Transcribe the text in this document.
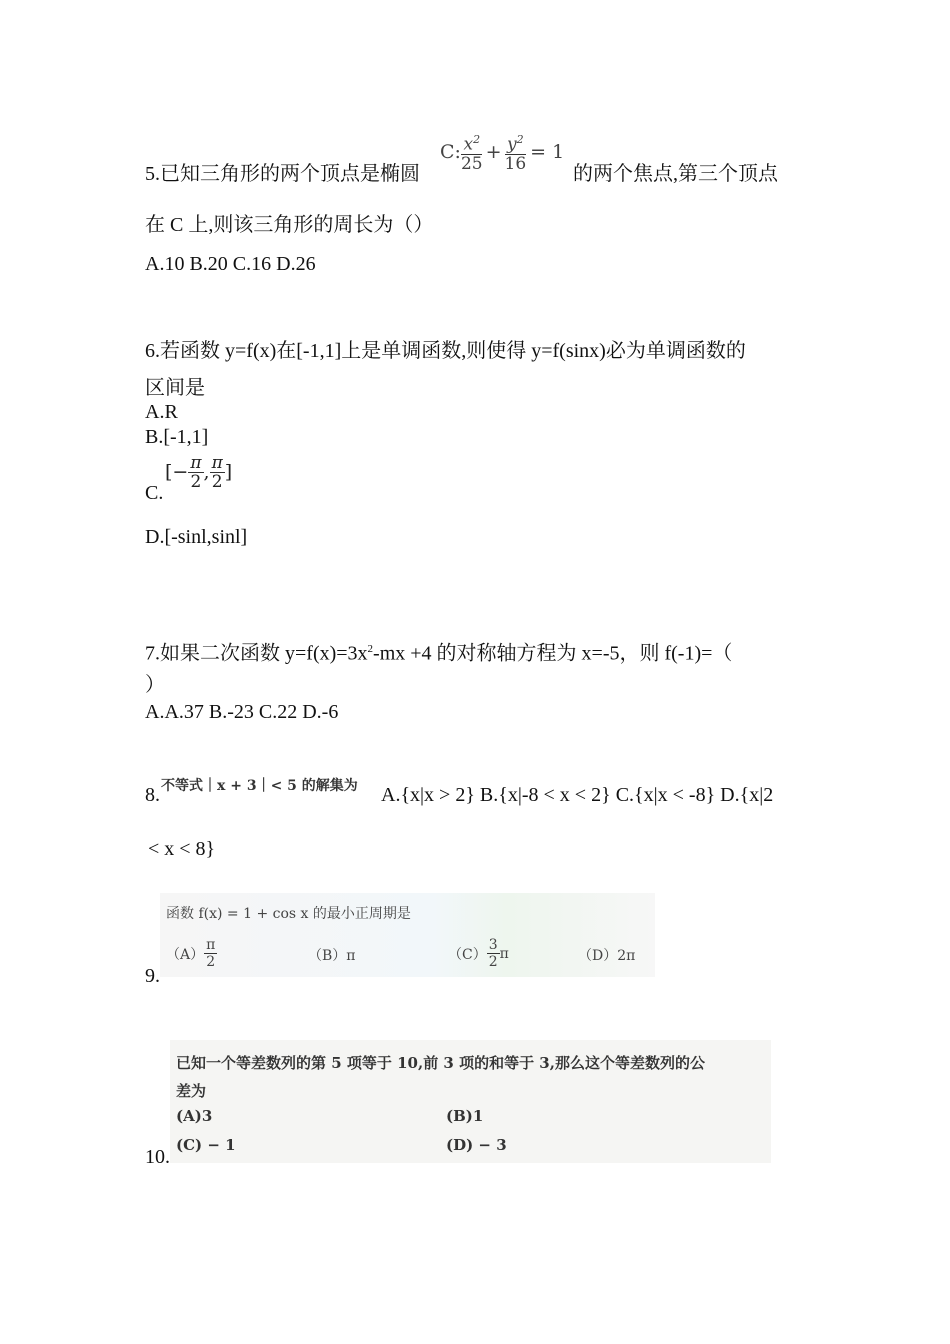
5.已知三角形的两个顶点是椭圆
C: $\frac{x^2}{25} + \frac{y^2}{16} = 1$
的两个焦点,第三个顶点
在 C 上,则该三角形的周长为（）
A.10 B.20 C.16 D.26
6.若函数 y=f(x)在[-1,1]上是单调函数,则使得 y=f(sinx)必为单调函数的
区间是
A.R
B.[-1,1]
C.
[− $\frac{\pi}{2}$ , $\frac{\pi}{2}$ ]
D.[-sinl,sinl]
7.如果二次函数 $y=f(x)=3x^2-mx +4$ 的对称轴方程为 x=-5，则 f(-1)=（
）
A.A.37 B.-23 C.22 D.-6
8. 不等式｜x + 3｜< 5 的解集为 A.{x|x > 2} B.{x|-8 < x < 2} C.{x|x < -8} D.{x|2
< x < 8}
9.
函数 f(x) = 1 + cos x 的最小正周期是
$(A) \frac{\pi}{2}$	（B）π	$(C) \frac{3}{2}$ π	（D）2π
10.
已知一个等差数列的第 5 项等于 10,前 3 项的和等于 3,那么这个等差数列的公
差为
(A)3	(B)1
(C) − 1	(D) − 3
